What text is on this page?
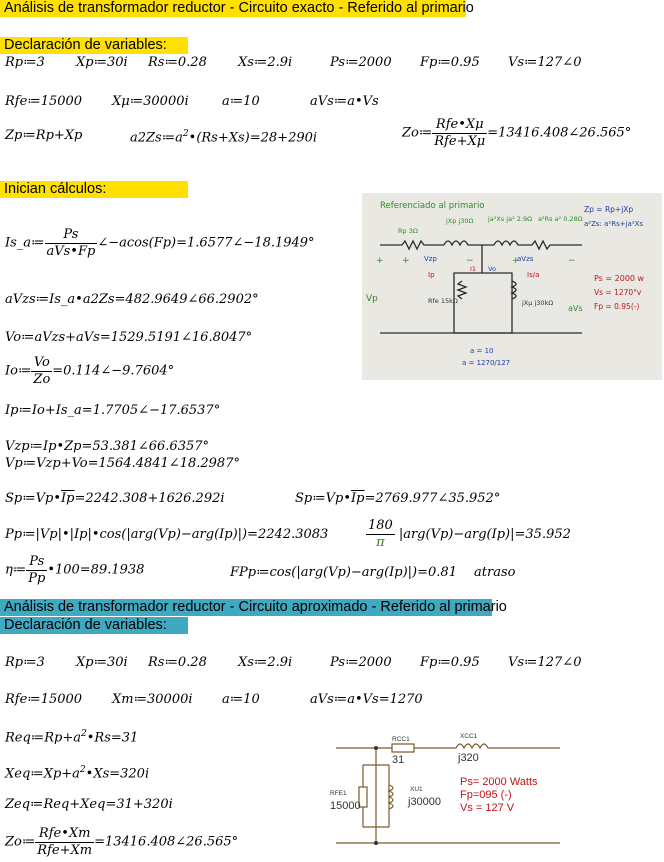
Análisis de transformador reductor - Circuito exacto - Referido al primario
Declaración de variables:
Inician cálculos:
Análisis de transformador reductor - Circuito aproximado - Referido al primario
Declaración de variables:
Rp≔3 Xp≔30i Rs≔0.28 Xs≔2.9i	Ps≔2000 Fp≔0.95 Vs≔127∠0
Rfe≔15000 Xμ≔30000i	a≔10	aVs≔a•Vs
Zp≔Rp+Xp	$a2Zs≔a^2•(Rs+Xs)=28+290i$	Zo≔ $\frac{\text{Rfe•Xμ}}{\text{Rfe+Xμ}}$ =13416.408∠26.565°
Is_a≔ $\frac{Ps}{\text{aVs•Fp}}$ ∠−acos(Fp)=1.6577∠−18.1949°
aVzs≔Is_a•a2Zs=482.9649∠66.2902°
Vo≔aVzs+aVs=1529.5191∠16.8047°
Io≔ $\frac{Vo}{Zo}$ =0.114∠−9.7604°
Ip≔Io+Is_a=1.7705∠−17.6537°
Vzp≔Ip•Zp=53.381∠66.6357°
Vp≔Vzp+Vo=1564.4841∠18.2987°
$Sp≔Vp•\overline{Ip}=2242.308+1626.292i$	$Sp≔Vp•\overline{Ip}=2769.977\angle 35.952^\circ$
Pp≔|Vp|•|Ip|•cos(|arg(Vp)−arg(Ip)|)=2242.3083	$\frac{180}{\pi} |arg(Vp)-arg(Ip)|=35.952$
η≔ $\frac{Ps}{Pp}$ •100=89.1938	FPp≔cos(|arg(Vp)−arg(Ip)|)=0.81 atraso
Rp≔3 Xp≔30i Rs≔0.28 Xs≔2.9i	Ps≔2000 Fp≔0.95 Vs≔127∠0
Rfe≔15000 Xm≔30000i a≔10	aVs≔a•Vs=1270
$Req≔Rp+a^2•Rs=31$
$Xeq≔Xp+a^2•Xs=320i$
Zeq≔Req+Xeq=31+320i
Zo≔ $\frac{\text{Rfe•Xm}}{\text{Rfe+Xm}}$ =13416.408∠26.565°
Referenciado al primario	Zp = Rp+jXp
a²Zs: a²Rs+ja²Xs
Rp 3Ω
jXp j30Ω ja²Xs ja² 2.9Ω a²Rs a² 0.28Ω
+ +	−	+	−
Vzp
Ip
aVzs
Is/a
I1 Vo
Vp
aVs
Rfe 15kΩ	jXμ j30kΩ
Ps = 2000 w
Vs = 1270°v
Fp = 0.95(-)
a = 10
a = 1270/127
RCC1
31
XCC1
j320
RFE1
15000
XU1
j30000
Ps= 2000 Watts
Fp=095 (-)
Vs = 127 V
